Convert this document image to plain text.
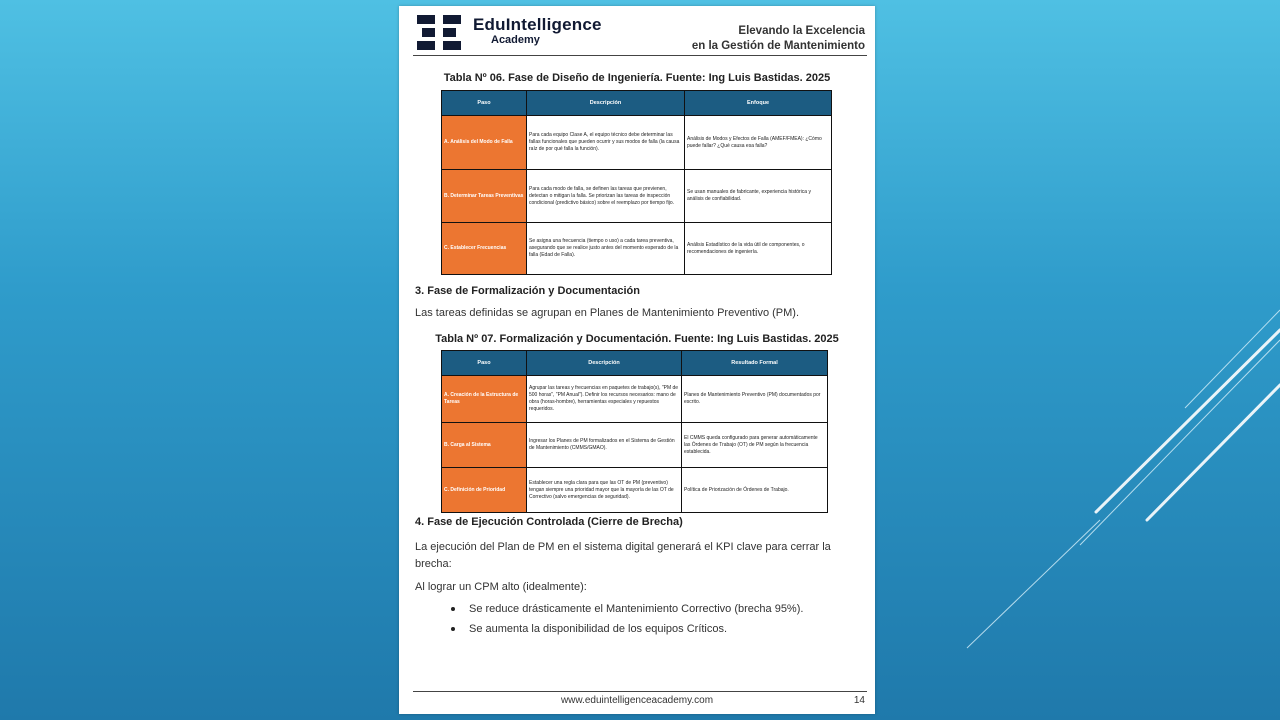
EduIntelligence
Academy
Elevando la Excelencia
en la Gestión de Mantenimiento
Tabla Nº 06. Fase de Diseño de Ingeniería. Fuente: Ing Luis Bastidas. 2025
Paso	Descripción	Enfoque
A. Análisis del Modo de Falla	Para cada equipo Clase A, el equipo técnico debe determinar las fallas funcionales que pueden ocurrir y sus modos de falla (la causa raíz de por qué falla la función).	Análisis de Modos y Efectos de Falla (AMEF/FMEA): ¿Cómo puede fallar? ¿Qué causa esa falla?
B. Determinar Tareas Preventivas	Para cada modo de falla, se definen las tareas que previenen, detectan o mitigan la falla. Se priorizan las tareas de inspección condicional (predictivo básico) sobre el reemplazo por tiempo fijo.	Se usan manuales de fabricante, experiencia histórica y análisis de confiabilidad.
C. Establecer Frecuencias	Se asigna una frecuencia (tiempo o uso) a cada tarea preventiva, asegurando que se realice justo antes del momento esperado de la falla (Edad de Falla).	Análisis Estadístico de la vida útil de componentes, o recomendaciones de ingeniería.
3. Fase de Formalización y Documentación
Las tareas definidas se agrupan en Planes de Mantenimiento Preventivo (PM).
Tabla Nº 07. Formalización y Documentación. Fuente: Ing Luis Bastidas. 2025
Paso	Descripción	Resultado Formal
A. Creación de la Estructura de Tareas	Agrupar las tareas y frecuencias en paquetes de trabajo(s), "PM de 500 horas", "PM Anual"). Definir los recursos necesarios: mano de obra (horas-hombre), herramientas especiales y repuestos requeridos.	Planes de Mantenimiento Preventivo (PM) documentados por escrito.
B. Carga al Sistema	Ingresar los Planes de PM formalizados en el Sistema de Gestión de Mantenimiento (CMMS/GMAO).	El CMMS queda configurado para generar automáticamente las Órdenes de Trabajo (OT) de PM según la frecuencia establecida.
C. Definición de Prioridad	Establecer una regla clara para que las OT de PM (preventivo) tengan siempre una prioridad mayor que la mayoría de las OT de Correctivo (salvo emergencias de seguridad).	Política de Priorización de Órdenes de Trabajo.
4. Fase de Ejecución Controlada (Cierre de Brecha)
La ejecución del Plan de PM en el sistema digital generará el KPI clave para cerrar la brecha:
Al lograr un CPM alto (idealmente):
Se reduce drásticamente el Mantenimiento Correctivo (brecha 95%).
Se aumenta la disponibilidad de los equipos Críticos.
www.eduintelligenceacademy.com	14
